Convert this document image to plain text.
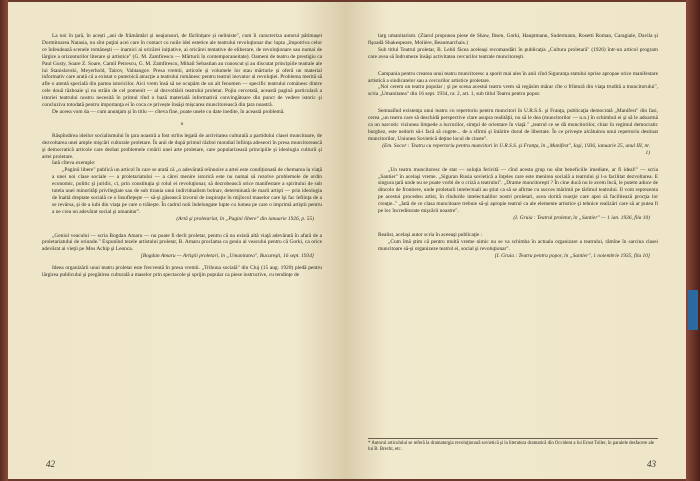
La noi în ţară, în acești „ani de frământări și neajunsuri, de făclinițare și neliniste", cum îi caracteriza autorul pătimașei Dormitoarea Natasia, nu sînt puţini acei care în contact cu noile idei estetice ale teatrului revoluţionar duc lupta „împotriva celor ce înfeudează scenele româneşti — inamici ai oricărei iniţiative, ai oricărei tentative de eliberare, de revoluţionare sau numai de lărgire a orizonturilor literare și artistice" (G. M. Zamfirescu — Mărturii în contemporaneitate). Oameni de teatru de prestigiu ca Paul Gusty, Soare Z. Soare, Camil Petrescu, G. M. Zamfirescu, Mihail Sebastian au cunoscut și au discutat principiile teatrale ale lui Stanislavski, Meyerhold, Tairov, Vahtangov. Presa vremii, articole și volumele lor stau mărturie și oferă un material informativ care arată că a existat o puternică atracţie a teatrului românesc pentru teatrul inovator al revoluţiei. Problema merită să afle o atentă specială din partea istoricilor. Aici vrem însă să ne ocupăm de un alt fenomen — specific teatrului românesc dintre cele două războaie şi nu străin de cel pomenit — al dezvoltării teatrului proletar. Pojiu cercetată, această pagină particulară a istoriei teatrului nostru necesită în primul rînd o bază materială informativă convingătoare din punct de vedere istoric şi concluziva totodată pentru importanţa ei în coca ce privește însăşi mișcarea muncitorească din ţara noastră.

De aceea vom da — cum anunţam şi în titlu — cîteva fine, poate unele cu date inedite, în această problemă.

o

Răspîndirea ideilor socialismului în ţara noastră a fost strîns legată de activitatea culturală a partidului clasei muncitoare, de dezvoltarea unei ample mişcări culturale proletare. În anii de după primul război mondial înfiinţa adeseori în presa muncitorească şi democratică articole care dezbat problemele creării unei arte proletare, care popularizează principiile şi ideologia culturii şi artei proletare.

Iată cîteva exemple:

„Paginii libere" publică un articol în care se arată că „o adevărată reînnoire a artei este condiționată de chemarea la viaţă a unei noi clase sociale — a proletariatului — a cărei menire istorică este nu numai să rezolve problemele de ordin economic, politic şi juridic, ci, prin constituţia şi rolul ei revoluţionar, să dezrobească orice manifestare a spiritului de sub tutela unei minorităţi privilegiate sau de sub tirania unui individualism bolnav, determinată de marii artişti — prin ideologia de înaltă dreptate socială ce o însufleţeşte — să-şi găsească izvorul de inspiraţie în mijlocul maselor care îşi fac lefiinţa de a se revărsa, şi de a iubi din viaţa pe care o trăieşte. În cadrul noii îndelungate lupte cu lumea pe care o imprimă artiştii pentru a ne crea un adevărat social şi umanitar".

(Artă şi proletariat, în „Pagini libere" din ianuarie 1926, p. 55)

„Geniul veacului — scria Bogdan Amaru — nu poate fi decît proletar, pentru că nu există altă viaţă adevărată în afară de a proletariatului de oriunde." Expunînd tezele artistului proletar, B. Amaru proclama ca geniu al veacului pentru că Gorki, ca orice adevărat ai vieţii pe Mos Achip şi Leonca.

[Bogdan Amaru — Artiştii proletari, în „Umanitatea", Bucureşti, 16 sept. 1934]

Ideea organizării unui teatru proletar este frecventă în presa vremii. „Tribuna socială" din Cluj (15 aug. 1920) pledă pentru lărgirea publicului şi pregătirea culturală a maselor prin spectacole şi sprijin popular ca piese instructive, cu tendinţe de

42

larg umanitarism. (Ziarul propunea piese de Shaw, Ibsen, Gorki, Hauptmann, Sudermann, Rosetti Roman, Caragiale, Davila şi fişoadă Shakespeare, Molière, Beaumarchais.)

Sub titlul Teatrul proletar, B. Lebli făcea aceleaşi recomandări în publicaţia „Cultura proletară" (1926) într-un articol program care avea să îndrumeze însăşi activitatea cercurilor teatrale muncitoreşti.

Campania pentru crearea unui teatru muncitoresc a sporit mai ales în anii cînd Siguranţa statului oprise apropae orice manifestare artistică a sindicatelor sau a cercurilor artistice proletare.

„Noi cerem un teatru popular ; şi pe scena acestui teatru vrem să regăsim mărar cîte o frîntură din viaţa trudită a muncitorului", scria „Umanitatea" din 16 sept. 1934, nr. 2, art. 1, sub titlul Teatru pentru popor.

Semnalînd existenţa unui teatru cu repertoriu pentru muncitori în U.R.S.S. şi Franţa, publicaţia democrată „Manifest" din fasi, cerea „un teatru care să deschidă perspective clare asupra realităţii, nu să le dea (muncitorilor — n.n.) în schimbul ei şi să le adoarmă ca un narcotic viziunea limpede a lucrurilor, simţul de orientare în viaţă." „teatrul ce se dă muncitorilor, chiar în regimul democratic burghez, este nedorit să-i facă să cugete... de a sfirmi şi întărire dorul de libertate. În ce priveşte alcătuirea unui repertoriu destinat muncitorilor, Uniunea Sovietică deţine locul de cinste".

(Em. Socor : Teatru cu repertoriu pentru muncitori în U.R.S.S. şi Franţa, în „Manifest", Iaşi, 1936, ianuarie 25, anul III, nr. 1)

„Un teatru muncitoresc de stat — soluţia fericită — cînd acesta grup nu sînt beneficiile imediate, ar fi ideal!" — scria „Santier" în acelaşi vreme. „Siguran Rusia sovietică a înţeles care este menirea socială a teatrului şi l-a facilitat dezvoltarea. E singura ţară unde nu se poate vorbi de o criză a teatrului". „Drame muncitoreşti ? În cine ducă nu le avem încă, le putem aduce de dincolo de frontiere, unde proletarii intelectuali au ştiut ca să se afirme cu succes mărimii pe tărîmul teatrului. Il vom reprezenta pe acestui procedeu artist, în rîndurile intelectualilor nostri proletari, acea dorită reacţie care apoi să facilitează procţia lor creaţie.." „Iată de ce clasa muncitoare trebuie să-şi apropie teatrul ca ale elemente artistice şi tehnice realizări care să ar putea fi pe loc încreditorate mişcării noastre".

(I. Gruia : Teatrul proletar, în „Santier" — 1 ian. 1936, fila 10)

Realist, acelaşi autor scria în aceeaşi publicaţie :

„Cum îmă ştim că pentru multă vreme nimic nu se va schimba în actuala organizare a teatrului, rămîne în sarcina clasei muncitoare să-şi organizeze teatrul ei, social şi revoluţionar".

[I. Gruia : Teatru pentru popor, în „Santier", 1 noiembrie 1935, fila 10]

* Autorul articolului se referă la dramaturgia revoluţionară sovietică şi la literatura dramatică din Occident a lui Ernst Toller, în paralele desfacere ale lui B. Brecht, etc.
43
